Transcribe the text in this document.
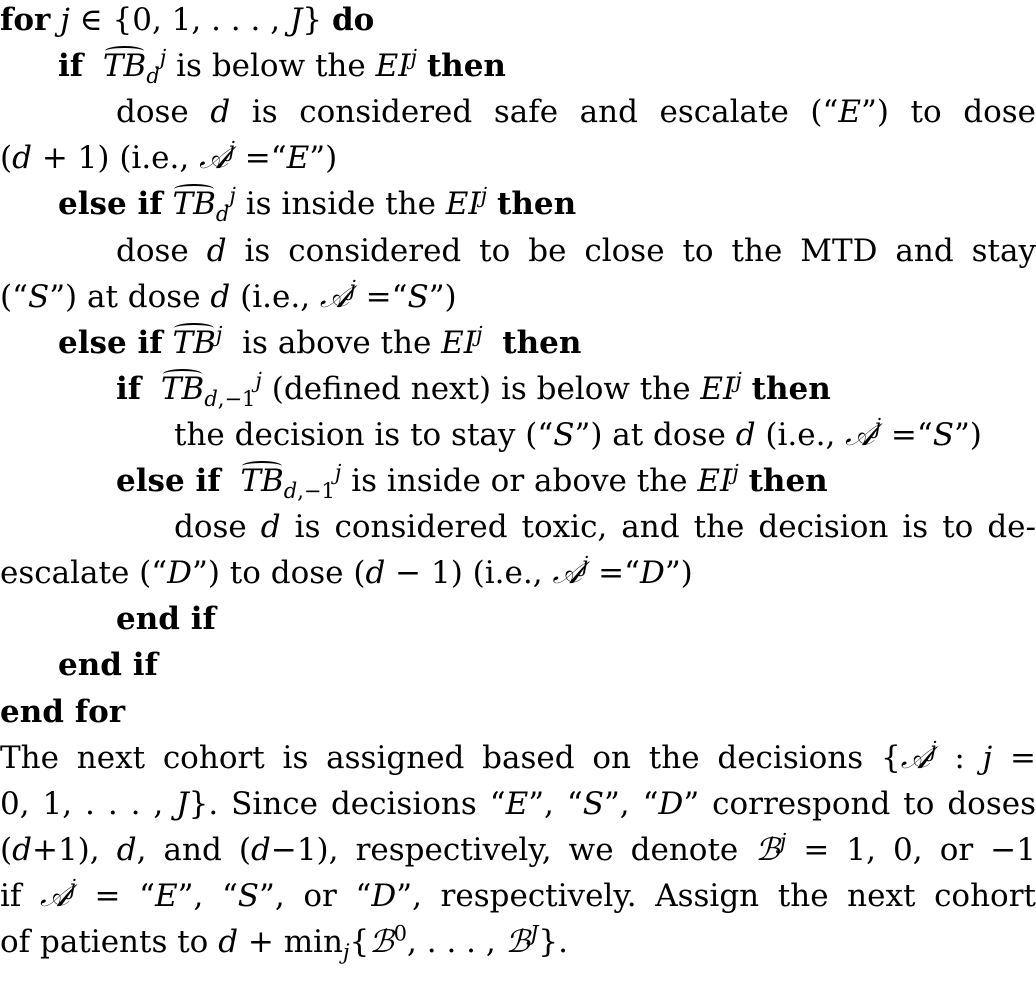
for j ∈ {0, 1, . . . , J} do
if $TB_d^j$ is below the $EI^j$ then
dose d is considered safe and escalate (“E”) to dose
(d + 1) (i.e., 𝒜$^j$ =“E”)
else if $TB_d^j$ is inside the $EI^j$ then
dose d is considered to be close to the MTD and stay
(“S”) at dose d (i.e., 𝒜$^j$ =“S”)
else if $TB^j$  is above the $EI^j$ then
if $TB_{d,-1}^j$ (defined next) is below the $EI^j$ then
the decision is to stay (“S”) at dose d (i.e., 𝒜$^j$ =“S”)
else if $TB_{d,-1}^j$ is inside or above the $EI^j$ then
dose d is considered toxic, and the decision is to de-
escalate (“D”) to dose (d − 1) (i.e., 𝒜$^j$ =“D”)
end if
end if
end for
The next cohort is assigned based on the decisions {𝒜$^j$ : j =
0, 1, . . . , J}. Since decisions “E”, “S”, “D” correspond to doses
(d+1), d, and (d−1), respectively, we denote ℬ$^j$ = 1, 0, or −1
if 𝒜$^j$ = “E”, “S”, or “D”, respectively. Assign the next cohort
of patients to $d + \min_j\{ℬ^0$, . . . , ℬ$^J$}.
